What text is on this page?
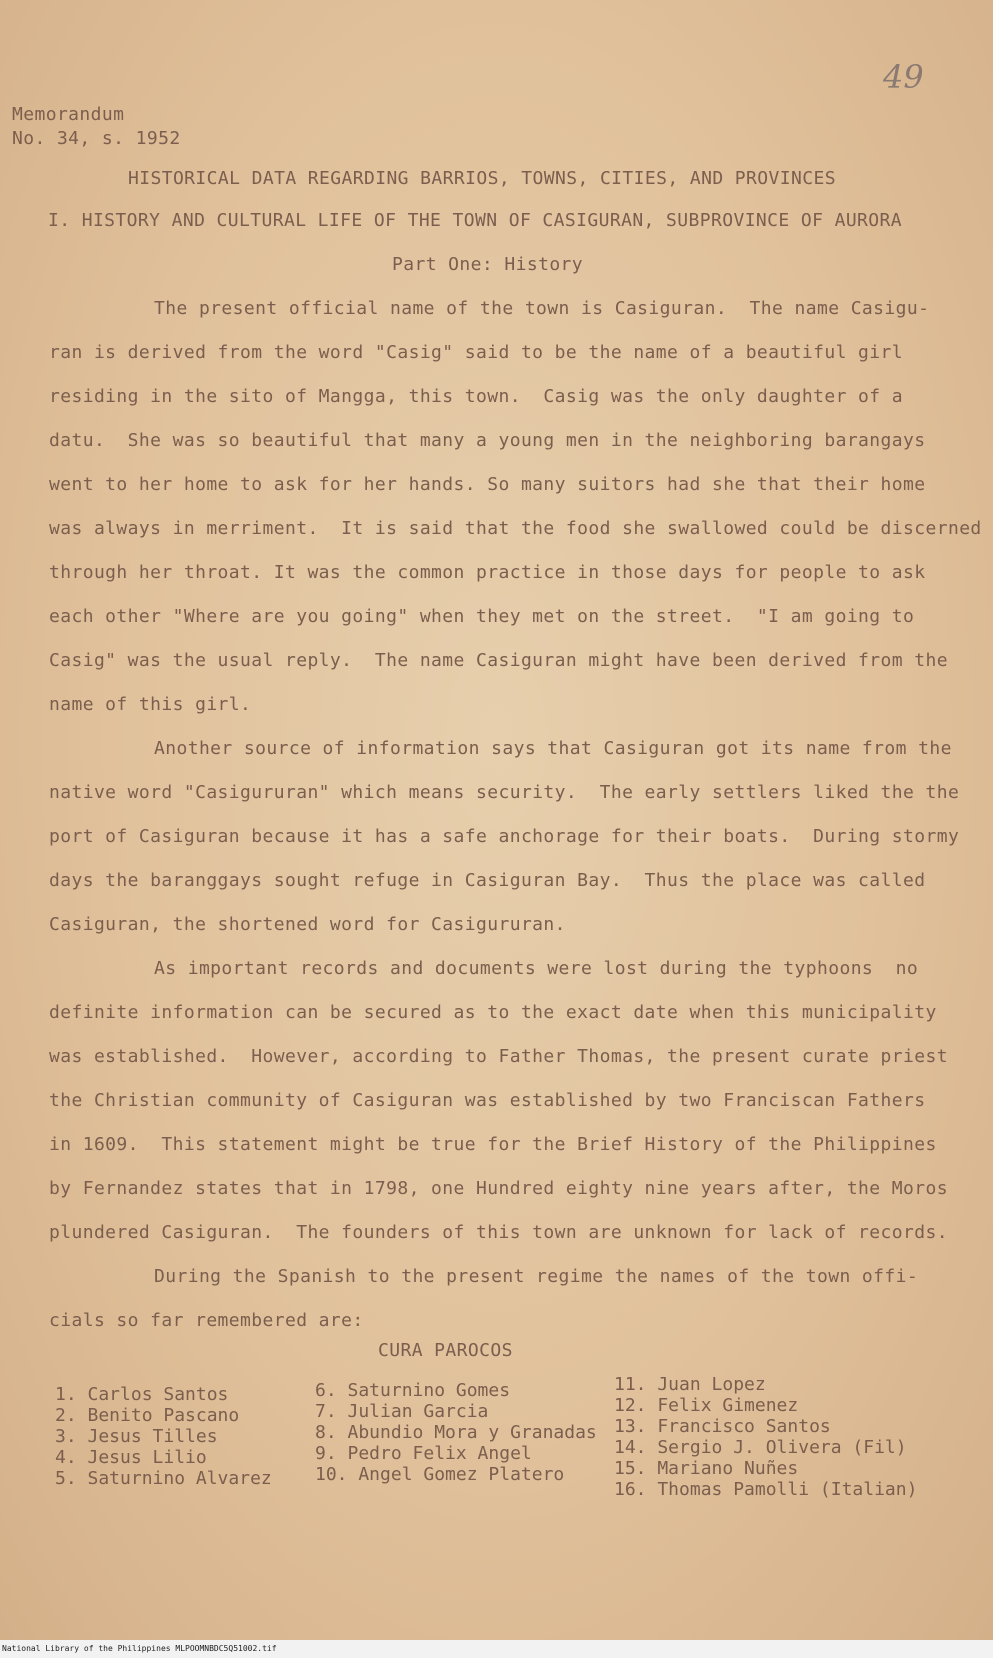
49
Memorandum
No. 34, s. 1952
HISTORICAL DATA REGARDING BARRIOS, TOWNS, CITIES, AND PROVINCES
I. HISTORY AND CULTURAL LIFE OF THE TOWN OF CASIGURAN, SUBPROVINCE OF AURORA
Part One: History
The present official name of the town is Casiguran.  The name Casigu-
ran is derived from the word "Casig" said to be the name of a beautiful girl
residing in the sito of Mangga, this town.  Casig was the only daughter of a
datu.  She was so beautiful that many a young men in the neighboring barangays
went to her home to ask for her hands. So many suitors had she that their home
was always in merriment.  It is said that the food she swallowed could be discerned
through her throat. It was the common practice in those days for people to ask
each other "Where are you going" when they met on the street.  "I am going to
Casig" was the usual reply.  The name Casiguran might have been derived from the
name of this girl.
Another source of information says that Casiguran got its name from the
native word "Casigururan" which means security.  The early settlers liked the the
port of Casiguran because it has a safe anchorage for their boats.  During stormy
days the baranggays sought refuge in Casiguran Bay.  Thus the place was called
Casiguran, the shortened word for Casigururan.
As important records and documents were lost during the typhoons  no
definite information can be secured as to the exact date when this municipality
was established.  However, according to Father Thomas, the present curate priest
the Christian community of Casiguran was established by two Franciscan Fathers
in 1609.  This statement might be true for the Brief History of the Philippines
by Fernandez states that in 1798, one Hundred eighty nine years after, the Moros
plundered Casiguran.  The founders of this town are unknown for lack of records.
During the Spanish to the present regime the names of the town offi-
cials so far remembered are:
CURA PAROCOS
1. Carlos Santos
2. Benito Pascano
3. Jesus Tilles
4. Jesus Lilio
5. Saturnino Alvarez
6. Saturnino Gomes
7. Julian Garcia
8. Abundio Mora y Granadas
9. Pedro Felix Angel
10. Angel Gomez Platero
11. Juan Lopez
12. Felix Gimenez
13. Francisco Santos
14. Sergio J. Olivera (Fil)
15. Mariano Nuñes
16. Thomas Pamolli (Italian)
National Library of the Philippines MLPOOMNBDC5Q51002.tif
